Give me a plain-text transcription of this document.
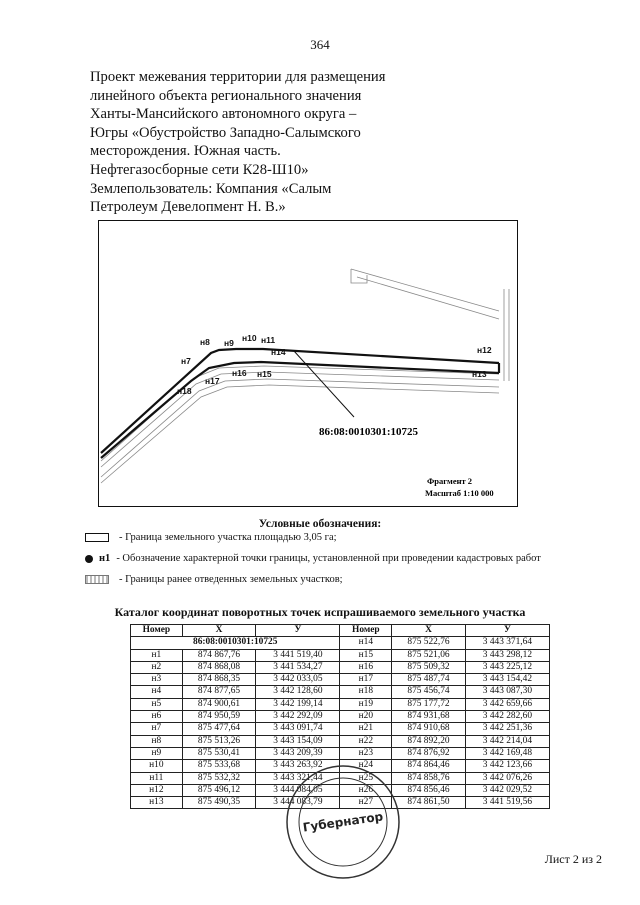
364
Проект межевания территории для размещения
линейного объекта регионального значения
Ханты-Мансийского автономного округа –
Югры «Обустройство Западно-Салымского
месторождения. Южная часть.
Нефтегазосборные сети К28-Ш10»
Землепользователь: Компания «Салым
Петролеум Девелопмент Н. В.»
н7
н8 н9 н10 н11
н12
н13
н14
н15
н16
н17
н18
86:08:0010301:10725
Фрагмент 2
Масштаб 1:10 000
Условные обозначения:
- Граница земельного участка площадью 3,05 га;
н1 - Обозначение характерной точки границы, установленной при проведении кадастровых работ
- Границы ранее отведенных земельных участков;
Каталог координат поворотных точек испрашиваемого земельного участка
Номер	X	У	Номер	X	У
86:08:0010301:10725			н14	875 522,76	3 443 371,64
н1	874 867,76	3 441 519,40	н15	875 521,06	3 443 298,12
н2	874 868,08	3 441 534,27	н16	875 509,32	3 443 225,12
н3	874 868,35	3 442 033,05	н17	875 487,74	3 443 154,42
н4	874 877,65	3 442 128,60	н18	875 456,74	3 443 087,30
н5	874 900,61	3 442 199,14	н19	875 177,72	3 442 659,66
н6	874 950,59	3 442 292,09	н20	874 931,68	3 442 282,60
н7	875 477,64	3 443 091,74	н21	874 910,68	3 442 251,36
н8	875 513,26	3 443 154,09	н22	874 892,20	3 442 214,04
н9	875 530,41	3 443 209,39	н23	874 876,92	3 442 169,48
н10	875 533,68	3 443 263,92	н24	874 864,46	3 442 123,66
н11	875 532,32	3 443 321,44	н25	874 858,76	3 442 076,26
н12	875 496,12	3 444 084,05	н26	874 856,46	3 442 029,52
н13	875 490,35	3 444 083,79	н27	874 861,50	3 441 519,56
Губернатор
Лист 2 из 2
